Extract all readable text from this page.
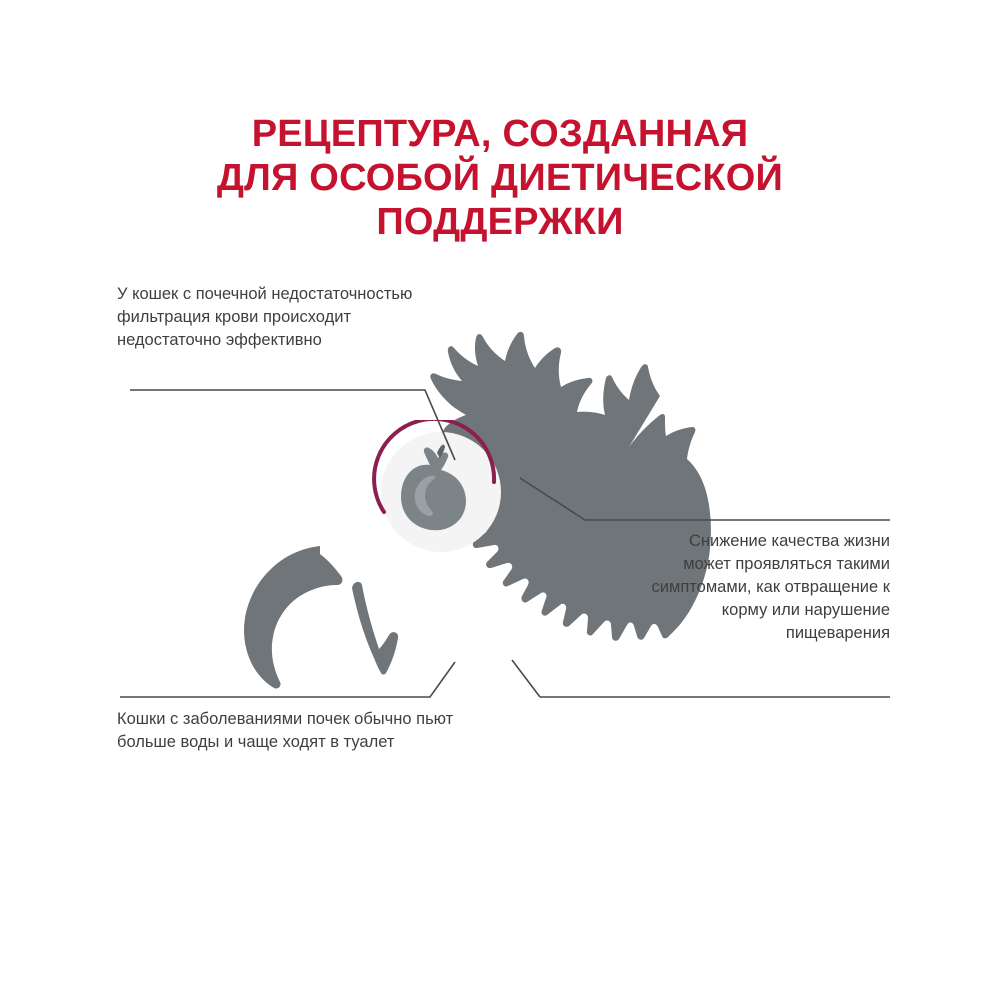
РЕЦЕПТУРА, СОЗДАННАЯ
ДЛЯ ОСОБОЙ ДИЕТИЧЕСКОЙ
ПОДДЕРЖКИ
У кошек с почечной недостаточностью фильтрация крови происходит недостаточно эффективно
Снижение качества жизни может проявляться такими симптомами, как отвращение к корму или нарушение пищеварения
Кошки с заболеваниями почек обычно пьют больше воды и чаще ходят в туалет
